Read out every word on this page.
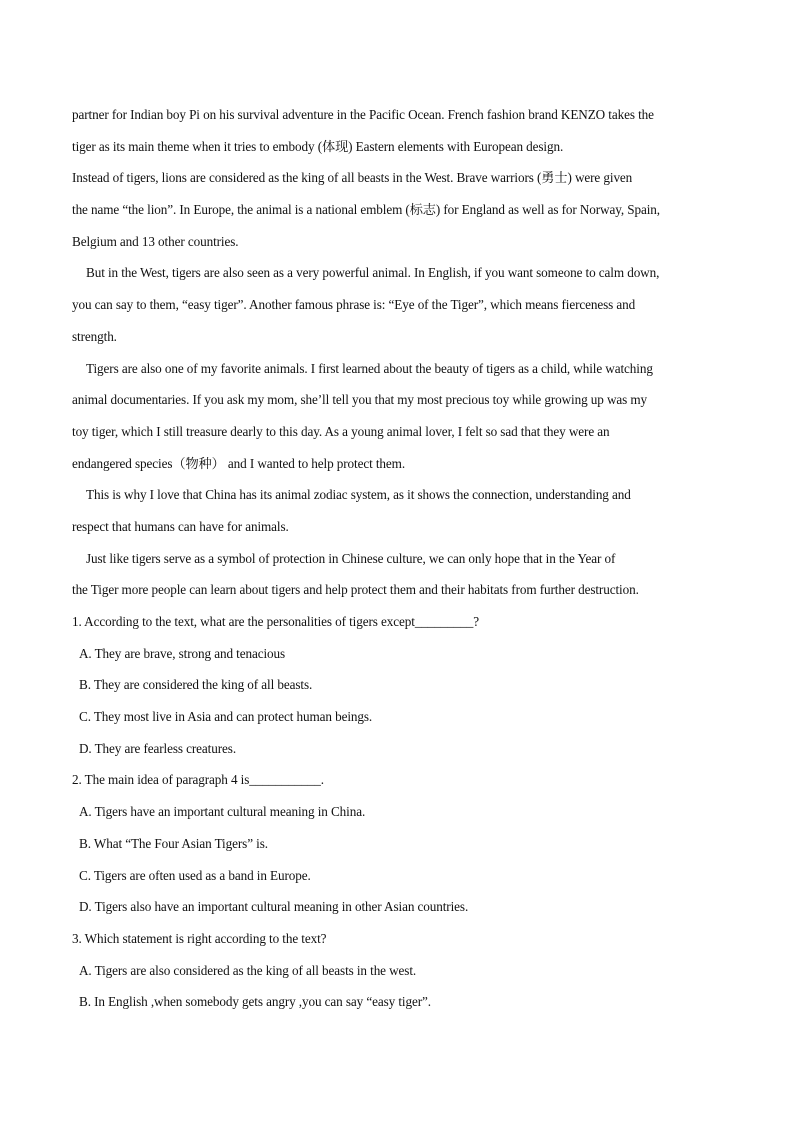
partner for Indian boy Pi on his survival adventure in the Pacific Ocean. French fashion brand KENZO takes the
tiger as its main theme when it tries to embody (体现) Eastern elements with European design.
Instead of tigers, lions are considered as the king of all beasts in the West. Brave warriors (勇士) were given
the name “the lion”. In Europe, the animal is a national emblem (标志) for England as well as for Norway, Spain,
Belgium and 13 other countries.
But in the West, tigers are also seen as a very powerful animal. In English, if you want someone to calm down,
you can say to them, “easy tiger”. Another famous phrase is: “Eye of the Tiger”, which means fierceness and
strength.
Tigers are also one of my favorite animals. I first learned about the beauty of tigers as a child, while watching
animal documentaries. If you ask my mom, she’ll tell you that my most precious toy while growing up was my
toy tiger, which I still treasure dearly to this day. As a young animal lover, I felt so sad that they were an
endangered species（物种） and I wanted to help protect them.
This is why I love that China has its animal zodiac system, as it shows the connection, understanding and
respect that humans can have for animals.
Just like tigers serve as a symbol of protection in Chinese culture, we can only hope that in the Year of
the Tiger more people can learn about tigers and help protect them and their habitats from further destruction.
1. According to the text, what are the personalities of tigers except_________?
A. They are brave, strong and tenacious
B. They are considered the king of all beasts.
C. They most live in Asia and can protect human beings.
D. They are fearless creatures.
2. The main idea of paragraph 4 is___________.
A. Tigers have an important cultural meaning in China.
B. What “The Four Asian Tigers” is.
C. Tigers are often used as a band in Europe.
D. Tigers also have an important cultural meaning in other Asian countries.
3. Which statement is right according to the text?
A. Tigers are also considered as the king of all beasts in the west.
B. In English ,when somebody gets angry ,you can say “easy tiger”.
